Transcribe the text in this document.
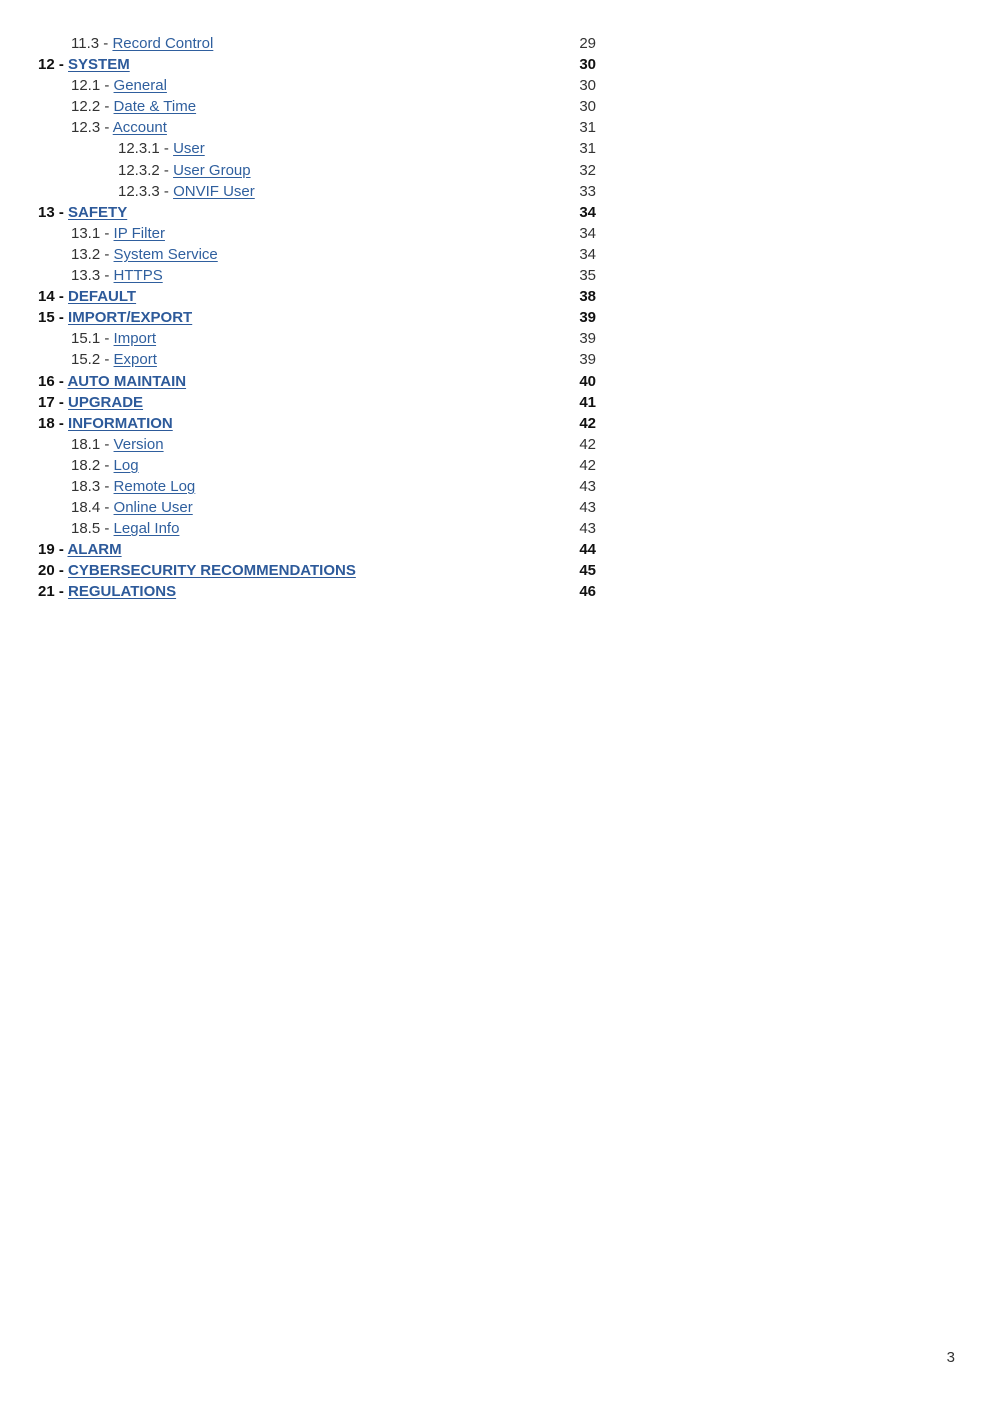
11.3 - Record Control	29
12 - SYSTEM	30
12.1 - General	30
12.2 - Date & Time	30
12.3 - Account	31
12.3.1 - User	31
12.3.2 - User Group	32
12.3.3 - ONVIF User	33
13 - SAFETY	34
13.1 - IP Filter	34
13.2 - System Service	34
13.3 - HTTPS	35
14 - DEFAULT	38
15 - IMPORT/EXPORT	39
15.1 - Import	39
15.2 - Export	39
16 - AUTO MAINTAIN	40
17 - UPGRADE	41
18 - INFORMATION	42
18.1 - Version	42
18.2 - Log	42
18.3 - Remote Log	43
18.4 - Online User	43
18.5 - Legal Info	43
19 - ALARM	44
20 - CYBERSECURITY RECOMMENDATIONS	45
21 - REGULATIONS	46
3
